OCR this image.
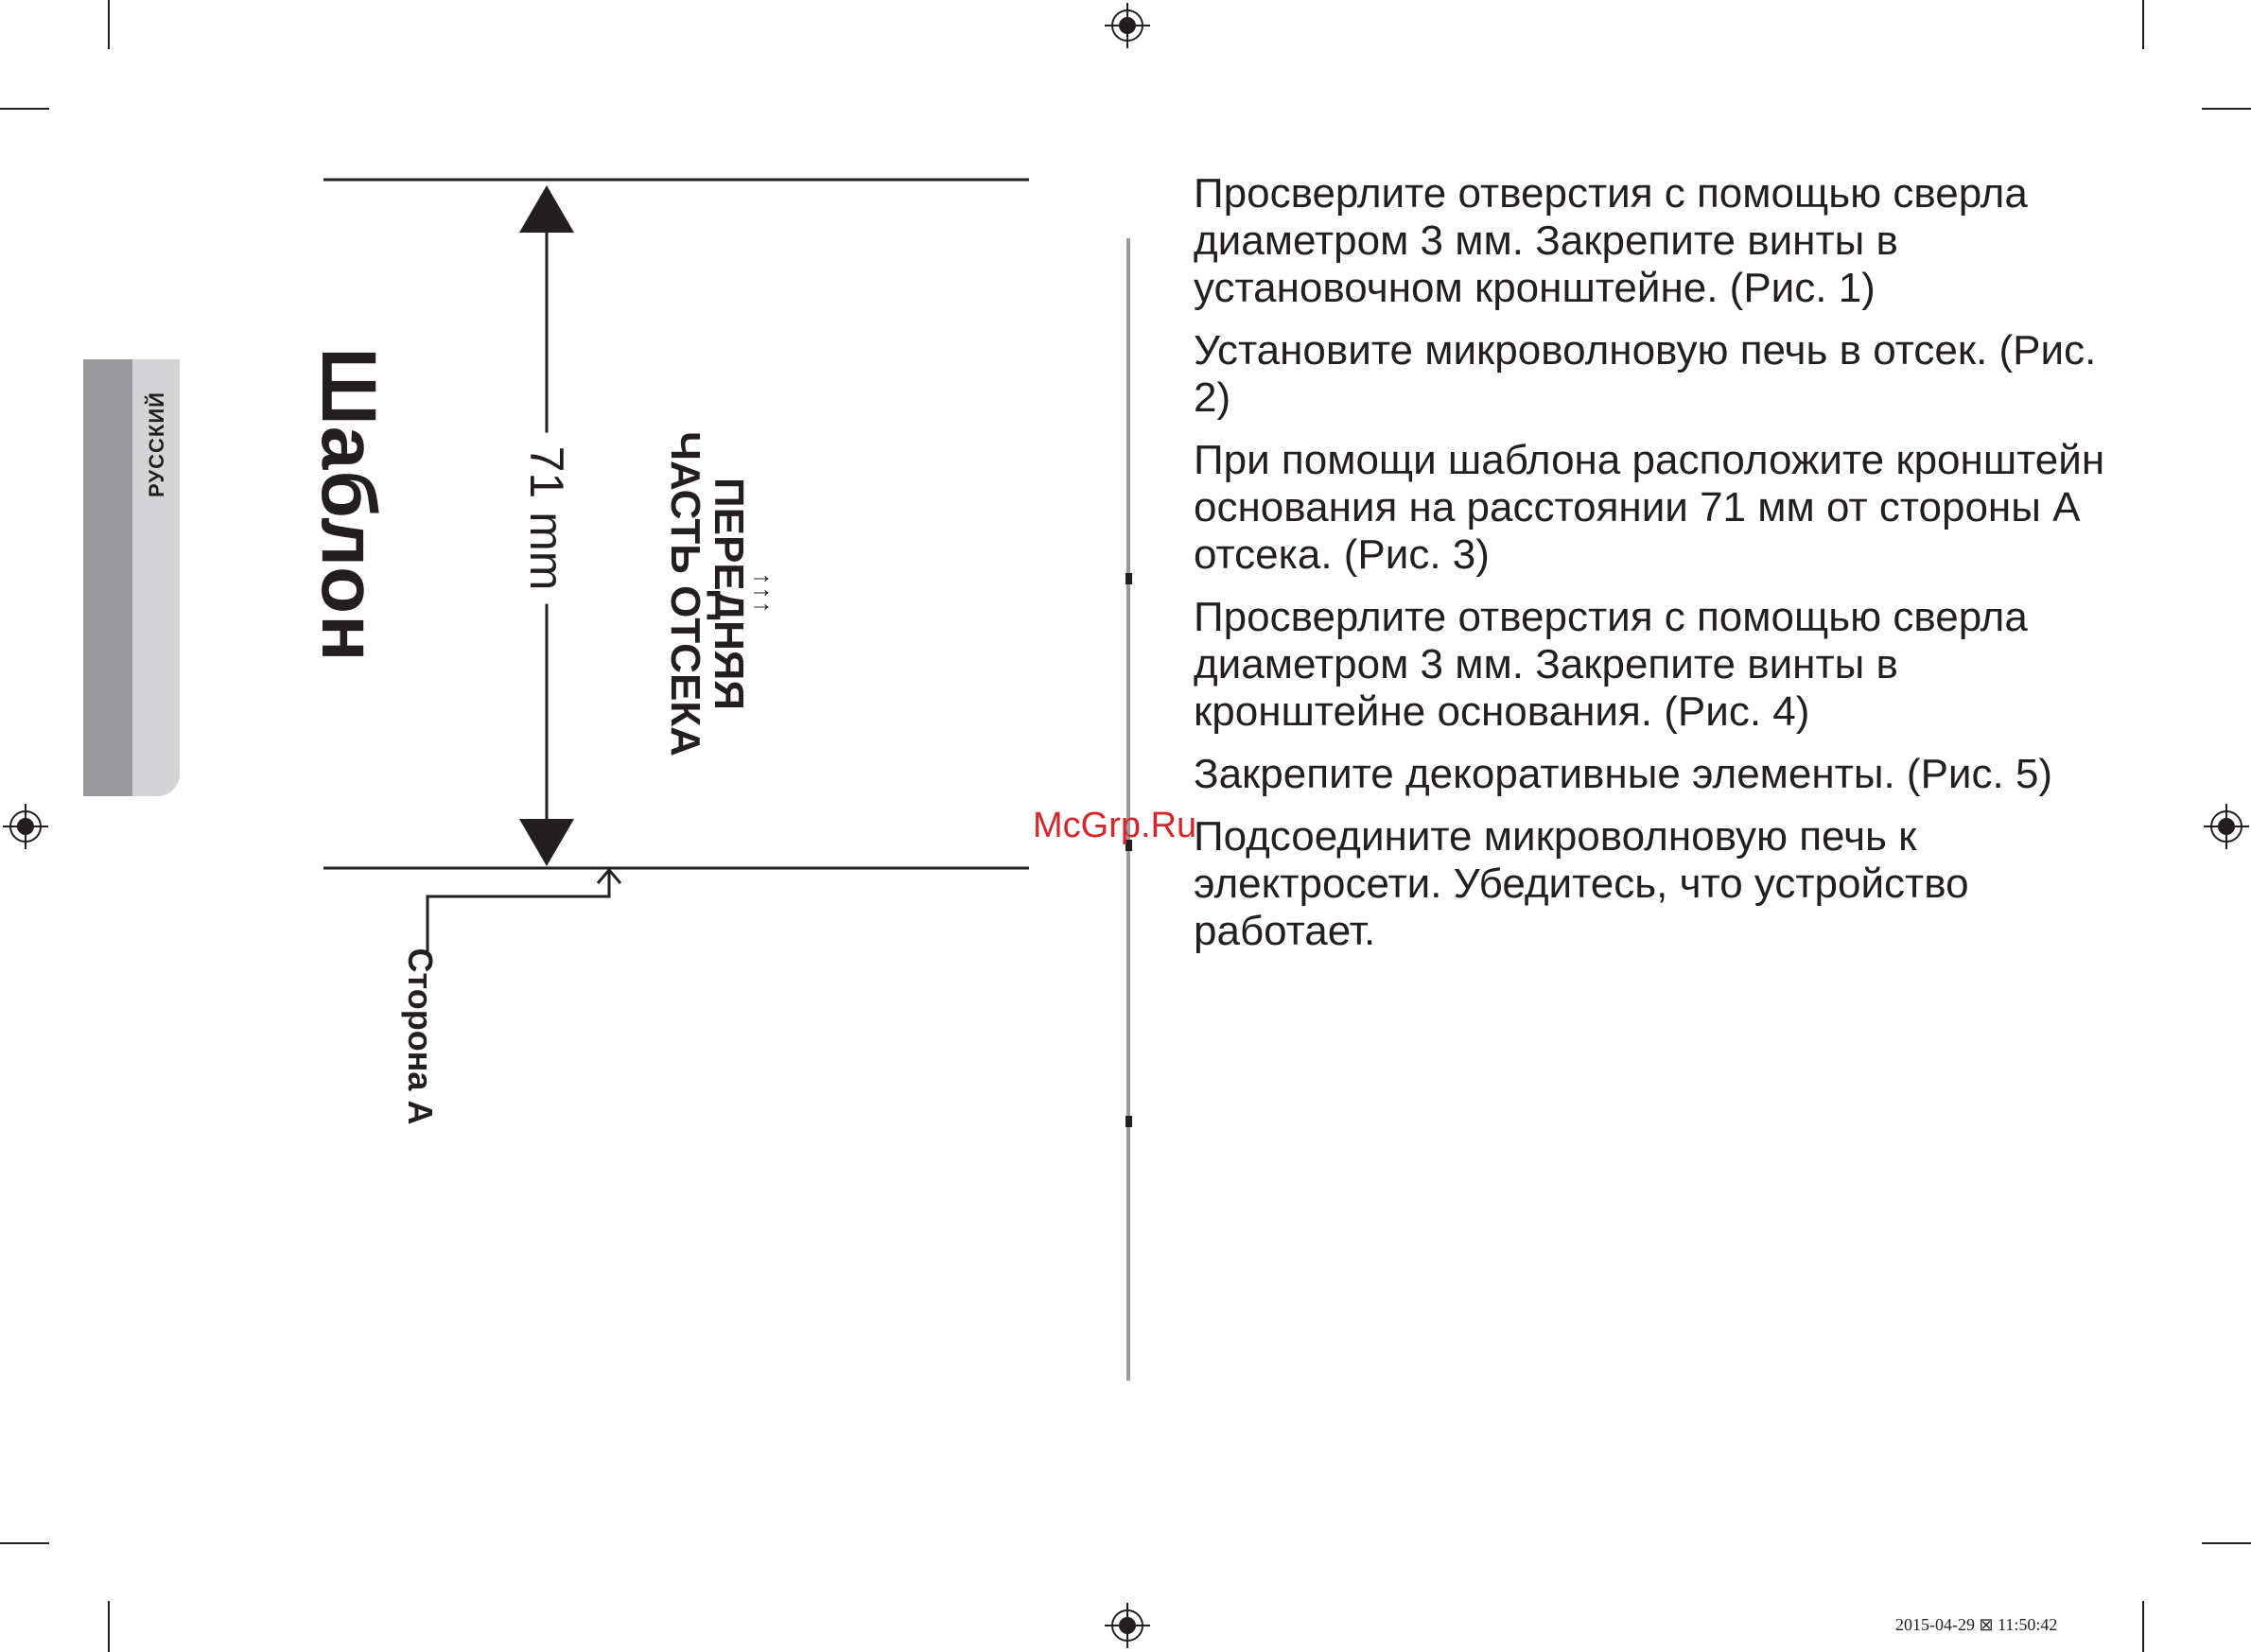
РУССКИЙ Шаблон	71 mm
↑↑↑
ПЕРЕДНЯЯ
ЧАСТЬ ОТСЕКА
Сторона А

Просверлите отверстия с помощью сверла диаметром 3 мм. Закрепите винты в установочном кронштейне. (Рис. 1)

Установите микроволновую печь в отсек. (Рис. 2)

При помощи шаблона расположите кронштейн основания на расстоянии 71 мм от стороны А отсека. (Рис. 3)

Просверлите отверстия с помощью сверла диаметром 3 мм. Закрепите винты в кронштейне основания. (Рис. 4)

Закрепите декоративные элементы. (Рис. 5)

Подсоедините микроволновую печь к электросети. Убедитесь, что устройство работает.

McGrp.Ru
2015-04-29 ⊠ 11:50:42
